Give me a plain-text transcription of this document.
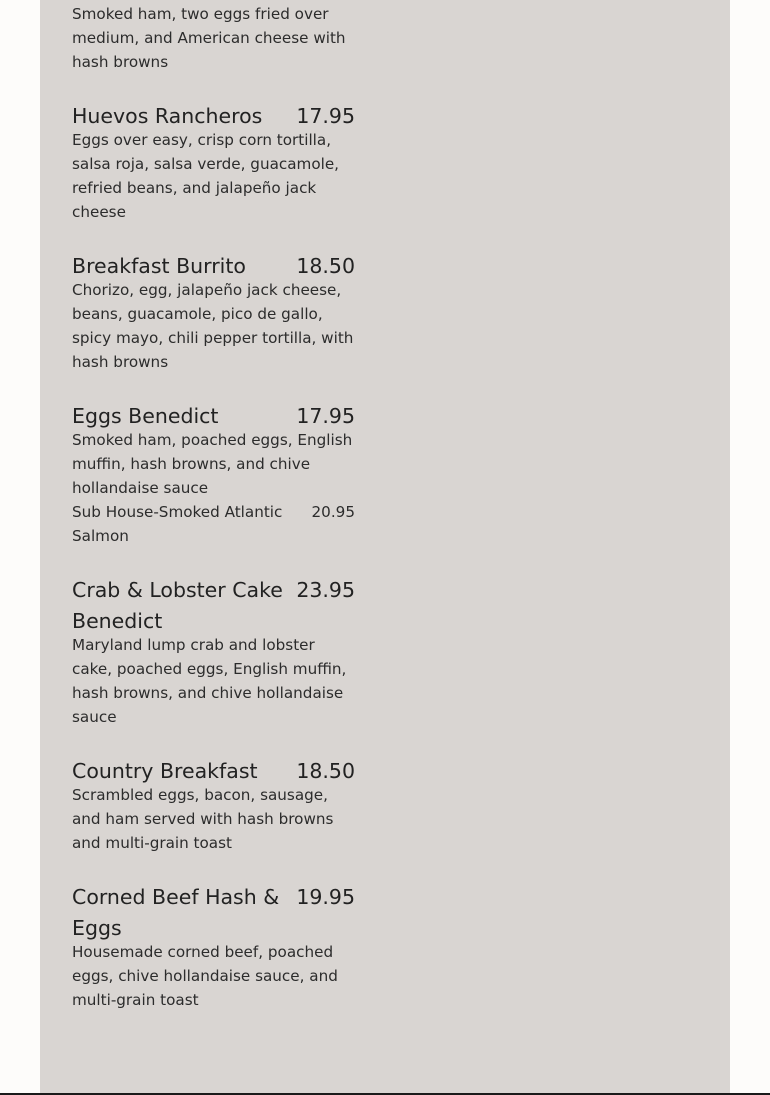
Smoked ham, two eggs fried over medium, and American cheese with hash browns
Huevos Rancheros 17.95
Eggs over easy, crisp corn tortilla, salsa roja, salsa verde, guacamole, refried beans, and jalapeño jack cheese
Breakfast Burrito 18.50
Chorizo, egg, jalapeño jack cheese, beans, guacamole, pico de gallo, spicy mayo, chili pepper tortilla, with hash browns
Eggs Benedict	17.95
Smoked ham, poached eggs, English muffin, hash browns, and chive hollandaise sauce
Sub House-Smoked Atlantic Salmon
20.95
Crab & Lobster Cake Benedict
23.95
Maryland lump crab and lobster cake, poached eggs, English muffin, hash browns, and chive hollandaise sauce
Country Breakfast 18.50
Scrambled eggs, bacon, sausage, and ham served with hash browns and multi-grain toast
Corned Beef Hash & Eggs
19.95
Housemade corned beef, poached eggs, chive hollandaise sauce, and multi-grain toast
